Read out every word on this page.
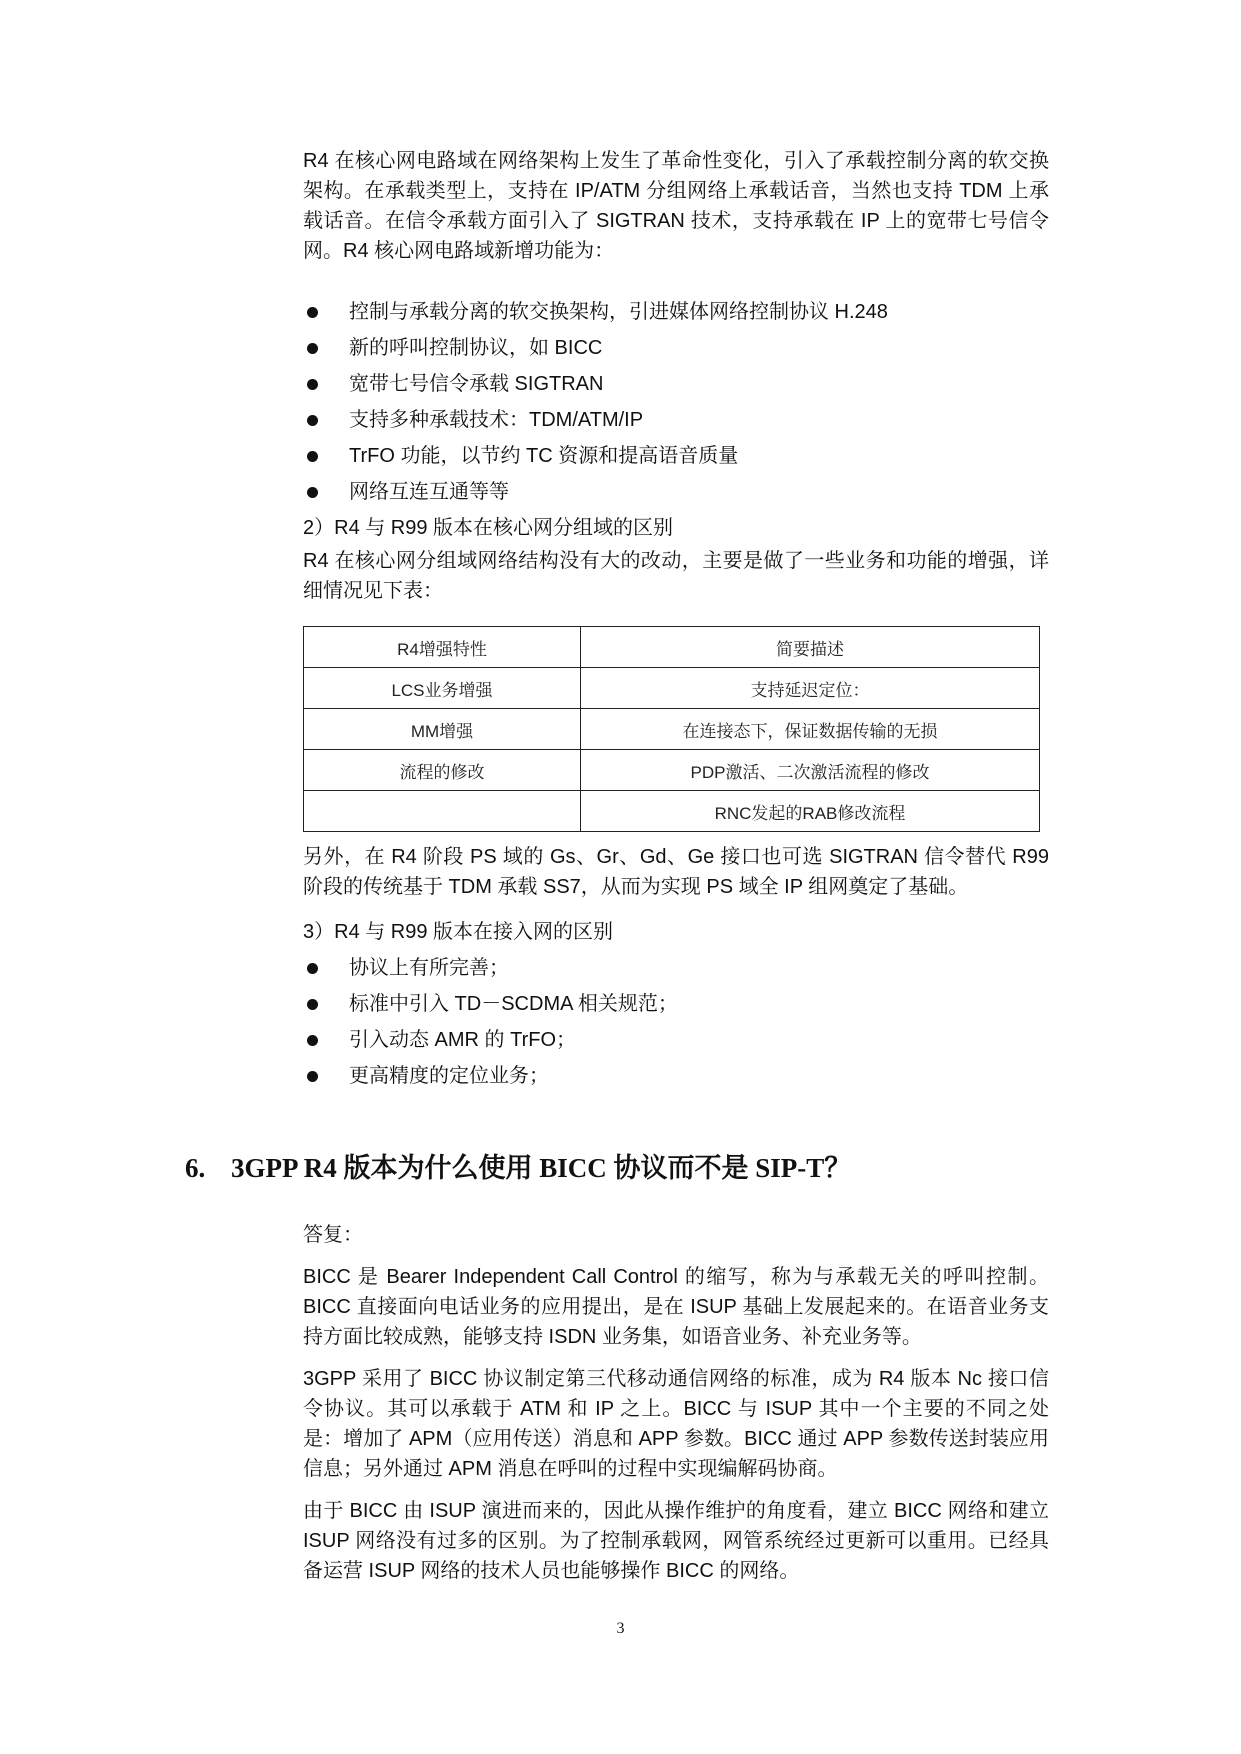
R4 在核心网电路域在网络架构上发生了革命性变化，引入了承载控制分离的软交换架构。在承载类型上，支持在 IP/ATM 分组网络上承载话音，当然也支持 TDM 上承载话音。在信令承载方面引入了 SIGTRAN 技术，支持承载在 IP 上的宽带七号信令网。R4 核心网电路域新增功能为：

控制与承载分离的软交换架构，引进媒体网络控制协议 H.248
新的呼叫控制协议，如 BICC
宽带七号信令承载 SIGTRAN
支持多种承载技术：TDM/ATM/IP
TrFO 功能，以节约 TC 资源和提高语音质量
网络互连互通等等

2）R4 与 R99 版本在核心网分组域的区别

R4 在核心网分组域网络结构没有大的改动，主要是做了一些业务和功能的增强，详细情况见下表：

R4增强特性	简要描述
LCS业务增强	支持延迟定位：
MM增强	在连接态下，保证数据传输的无损
流程的修改	PDP激活、二次激活流程的修改
	RNC发起的RAB修改流程

另外，在 R4 阶段 PS 域的 Gs、Gr、Gd、Ge 接口也可选 SIGTRAN 信令替代 R99 阶段的传统基于 TDM 承载 SS7，从而为实现 PS 域全 IP 组网奠定了基础。

3）R4 与 R99 版本在接入网的区别

协议上有所完善；
标准中引入 TD－SCDMA 相关规范；
引入动态 AMR 的 TrFO；
更高精度的定位业务；
6. 3GPP R4 版本为什么使用 BICC 协议而不是 SIP-T？

答复：

BICC 是 Bearer Independent Call Control 的缩写，称为与承载无关的呼叫控制。BICC 直接面向电话业务的应用提出，是在 ISUP 基础上发展起来的。在语音业务支持方面比较成熟，能够支持 ISDN 业务集，如语音业务、补充业务等。

3GPP 采用了 BICC 协议制定第三代移动通信网络的标准，成为 R4 版本 Nc 接口信令协议。其可以承载于 ATM 和 IP 之上。BICC 与 ISUP 其中一个主要的不同之处是：增加了 APM（应用传送）消息和 APP 参数。BICC 通过 APP 参数传送封装应用信息；另外通过 APM 消息在呼叫的过程中实现编解码协商。

由于 BICC 由 ISUP 演进而来的，因此从操作维护的角度看，建立 BICC 网络和建立 ISUP 网络没有过多的区别。为了控制承载网，网管系统经过更新可以重用。已经具备运营 ISUP 网络的技术人员也能够操作 BICC 的网络。

3
